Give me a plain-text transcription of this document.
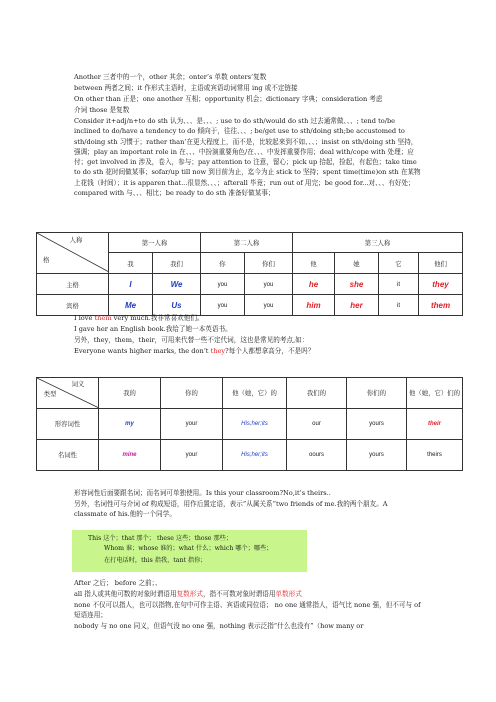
Another 三者中的一个，other 其余；onter’s 单数 onters’复数

between 两者之间；it 作形式主语时，主语或宾语动词常用 ing 或不定链接

On other than 正是；one another 互相；opportunity 机会；dictionary 字典；consideration 考虑

介词 those 是复数

Consider it+adj/n+to do sth 认为、、、是、、、; use to do sth/would do sth 过去通常做、、、; tend to/be inclined to do/have a tendency to do 倾向于，往往、、、; be/get use to sth/doing sth;be accustomed to sth/doing sth 习惯于；rather than’在更大程度上，而不是，比较起来到不如、、、；insist on sth/doing sth 坚持，强调；play an important role in 在、、、中扮演重要角色/在、、、中发挥重要作用；deal with/cope with 处理；应付；get involved in 涉及，卷入，参与；pay attention to 注意，留心；pick up 拾起，捡起，有起色；take time to do sth 花时间做某事；sofar/up till now 到目前为止，迄今为止 stick to 坚持；spent time(time)on sth 在某物上花钱（时间）；it is apparen that...很显然、、、；afterall 毕竟；run out of 用完；be good for...对、、、有好处；compared with 与、、、相比；be ready to do sth 准备好做某事；

人称
格	第一人称		第二人称		第三人称			
	我	我们	你	你们	他	她	它	他们
主格	I	We	you	you	he	she	it	they
宾格	Me	Us	you	you	him	her	it	them

I love them very much.我非常喜欢他们。

I gave her an English book.我给了她一本英语书。

另外，they，them，their，可用来代替一些不定代词，这也是常见的考点,如：

Everyone wants higher marks, the don’t they?每个人都想拿高分，不是吗？

词义
类型	我的	你的	他（她，它）的	我们的	你们的	他（她，它）们的
形容词性	my	your	His;her;its	our	yours	their
名词性	mine	your	His;her;its	oours	yours	theirs

形容词性后面要跟名词；而名词可单独使用。Is this your classroom?No,it’s theirs..

另外，名词性可与介词 of 构成短语，用作后置定语，表示”从属关系”two friends of me.我的两个朋友。A classmate of his.他的一个同学。

This 这个；that 那个； these 这些；those 那些；
Whom 谁；whose 谁的；what 什么；which 哪个；哪些；
在打电话时，this 指我，tant 指你；

After 之后； before 之前；、

all 指人或其他可数的对象时谓语用复数形式，指不可数对象时谓语用单数形式

none 不仅可以指人，也可以指物,在句中可作主语、宾语或同位语； no one 通常指人，语气比 none 强，但不可与 of 短语连用；

nobody 与 no one 同义，但语气没 no one 强，nothing 表示泛指“什么也没有”（how many or
